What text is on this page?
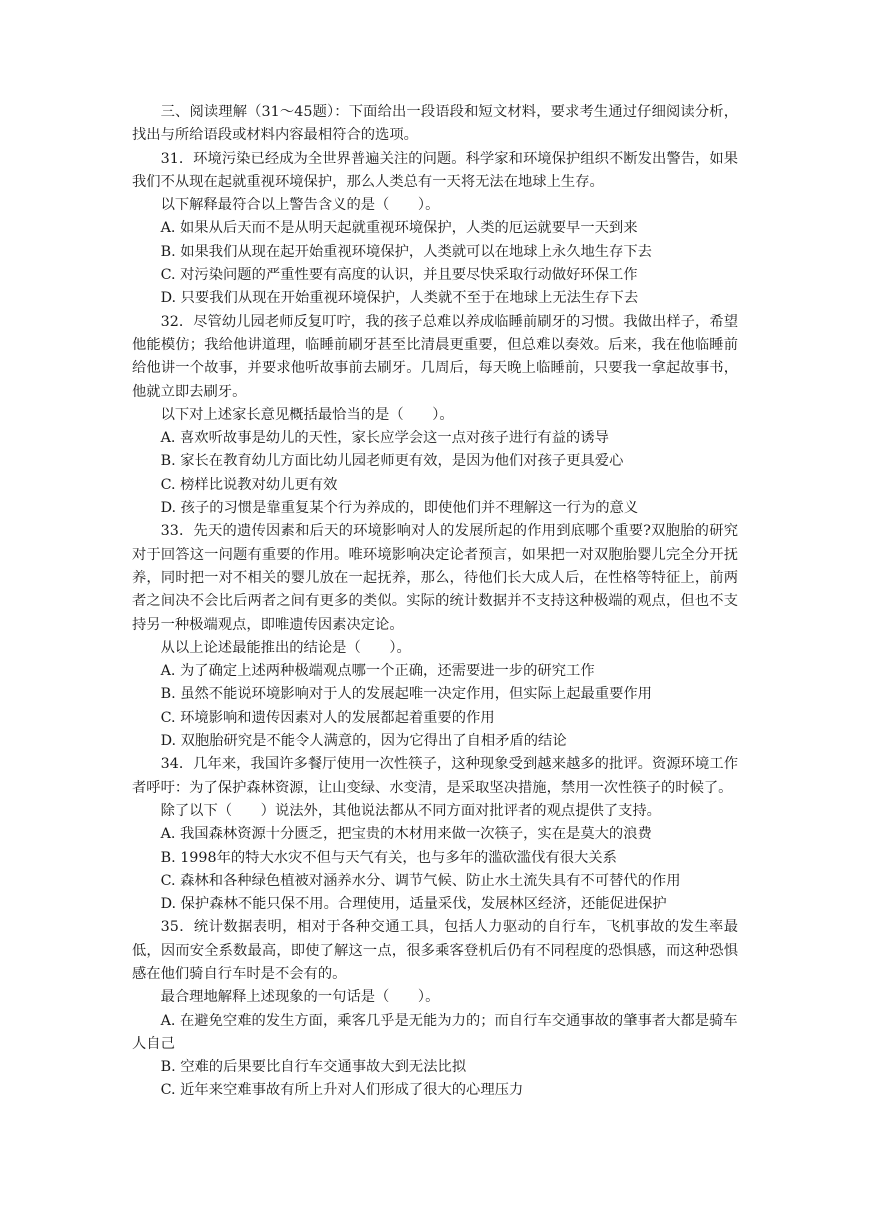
三、阅读理解（31～45题）：下面给出一段语段和短文材料，要求考生通过仔细阅读分析，找出与所给语段或材料内容最相符合的选项。

31．环境污染已经成为全世界普遍关注的问题。科学家和环境保护组织不断发出警告，如果我们不从现在起就重视环境保护，那么人类总有一天将无法在地球上生存。

以下解释最符合以上警告含义的是（　　）。

A. 如果从后天而不是从明天起就重视环境保护，人类的厄运就要早一天到来

B. 如果我们从现在起开始重视环境保护，人类就可以在地球上永久地生存下去

C. 对污染问题的严重性要有高度的认识，并且要尽快采取行动做好环保工作

D. 只要我们从现在开始重视环境保护，人类就不至于在地球上无法生存下去

32．尽管幼儿园老师反复叮咛，我的孩子总难以养成临睡前刷牙的习惯。我做出样子，希望他能模仿；我给他讲道理，临睡前刷牙甚至比清晨更重要，但总难以奏效。后来，我在他临睡前给他讲一个故事，并要求他听故事前去刷牙。几周后，每天晚上临睡前，只要我一拿起故事书，他就立即去刷牙。

以下对上述家长意见概括最恰当的是（　　）。

A. 喜欢听故事是幼儿的天性，家长应学会这一点对孩子进行有益的诱导

B. 家长在教育幼儿方面比幼儿园老师更有效，是因为他们对孩子更具爱心

C. 榜样比说教对幼儿更有效

D. 孩子的习惯是靠重复某个行为养成的，即使他们并不理解这一行为的意义

33．先天的遗传因素和后天的环境影响对人的发展所起的作用到底哪个重要?双胞胎的研究对于回答这一问题有重要的作用。唯环境影响决定论者预言，如果把一对双胞胎婴儿完全分开抚养，同时把一对不相关的婴儿放在一起抚养，那么，待他们长大成人后，在性格等特征上，前两者之间决不会比后两者之间有更多的类似。实际的统计数据并不支持这种极端的观点，但也不支持另一种极端观点，即唯遗传因素决定论。

从以上论述最能推出的结论是（　　）。

A. 为了确定上述两种极端观点哪一个正确，还需要进一步的研究工作

B. 虽然不能说环境影响对于人的发展起唯一决定作用，但实际上起最重要作用

C. 环境影响和遗传因素对人的发展都起着重要的作用

D. 双胞胎研究是不能令人满意的，因为它得出了自相矛盾的结论

34．几年来，我国许多餐厅使用一次性筷子，这种现象受到越来越多的批评。资源环境工作者呼吁：为了保护森林资源，让山变绿、水变清，是采取坚决措施，禁用一次性筷子的时候了。

除了以下（　　）说法外，其他说法都从不同方面对批评者的观点提供了支持。

A. 我国森林资源十分匮乏，把宝贵的木材用来做一次筷子，实在是莫大的浪费

B. 1998年的特大水灾不但与天气有关，也与多年的滥砍滥伐有很大关系

C. 森林和各种绿色植被对涵养水分、调节气候、防止水土流失具有不可替代的作用

D. 保护森林不能只保不用。合理使用，适量采伐，发展林区经济，还能促进保护

35．统计数据表明，相对于各种交通工具，包括人力驱动的自行车，飞机事故的发生率最低，因而安全系数最高，即使了解这一点，很多乘客登机后仍有不同程度的恐惧感，而这种恐惧感在他们骑自行车时是不会有的。

最合理地解释上述现象的一句话是（　　）。

A. 在避免空难的发生方面，乘客几乎是无能为力的；而自行车交通事故的肇事者大都是骑车人自己

B. 空难的后果要比自行车交通事故大到无法比拟

C. 近年来空难事故有所上升对人们形成了很大的心理压力
